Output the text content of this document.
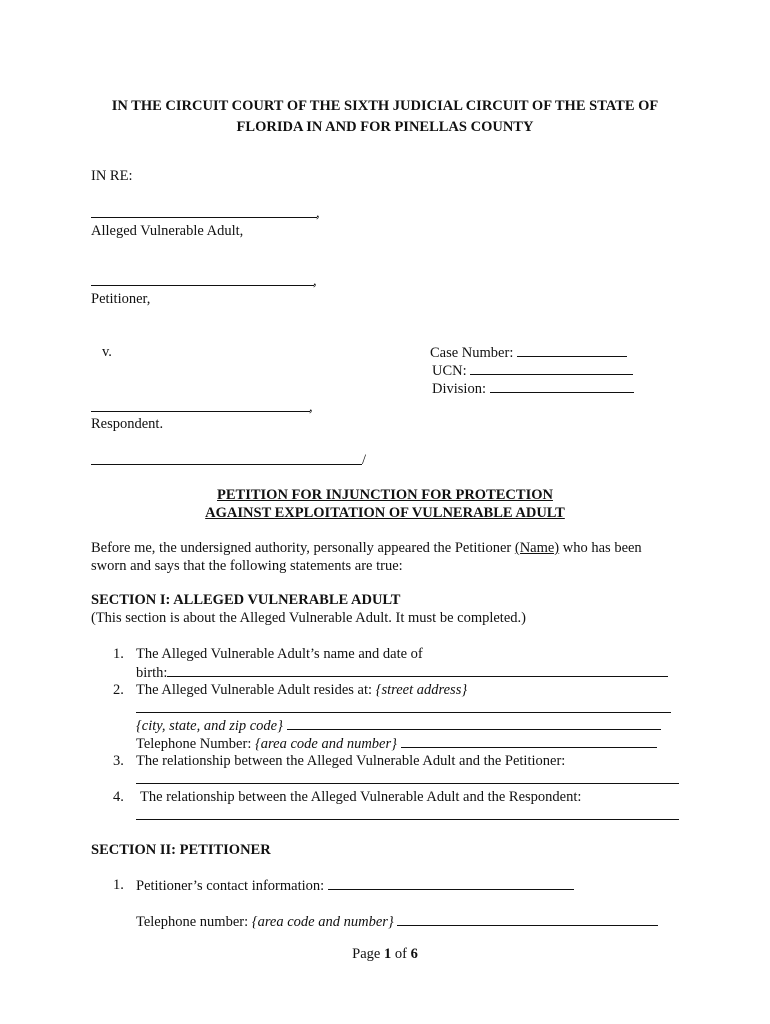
IN THE CIRCUIT COURT OF THE SIXTH JUDICIAL CIRCUIT OF THE STATE OF
FLORIDA IN AND FOR PINELLAS COUNTY
IN RE:
,
Alleged Vulnerable Adult,
,
Petitioner,
v.	Case Number:
UCN:
Division:
,
Respondent.
/
PETITION FOR INJUNCTION FOR PROTECTION
AGAINST EXPLOITATION OF VULNERABLE ADULT
Before me, the undersigned authority, personally appeared the Petitioner (Name) who has been
sworn and says that the following statements are true:
SECTION I: ALLEGED VULNERABLE ADULT
(This section is about the Alleged Vulnerable Adult. It must be completed.)
1. The Alleged Vulnerable Adult’s name and date of
birth:
2. The Alleged Vulnerable Adult resides at: {street address}
{city, state, and zip code}
Telephone Number: {area code and number}
3. The relationship between the Alleged Vulnerable Adult and the Petitioner:
4. The relationship between the Alleged Vulnerable Adult and the Respondent:
SECTION II: PETITIONER
1. Petitioner’s contact information:
Telephone number: {area code and number}
Page 1 of 6
